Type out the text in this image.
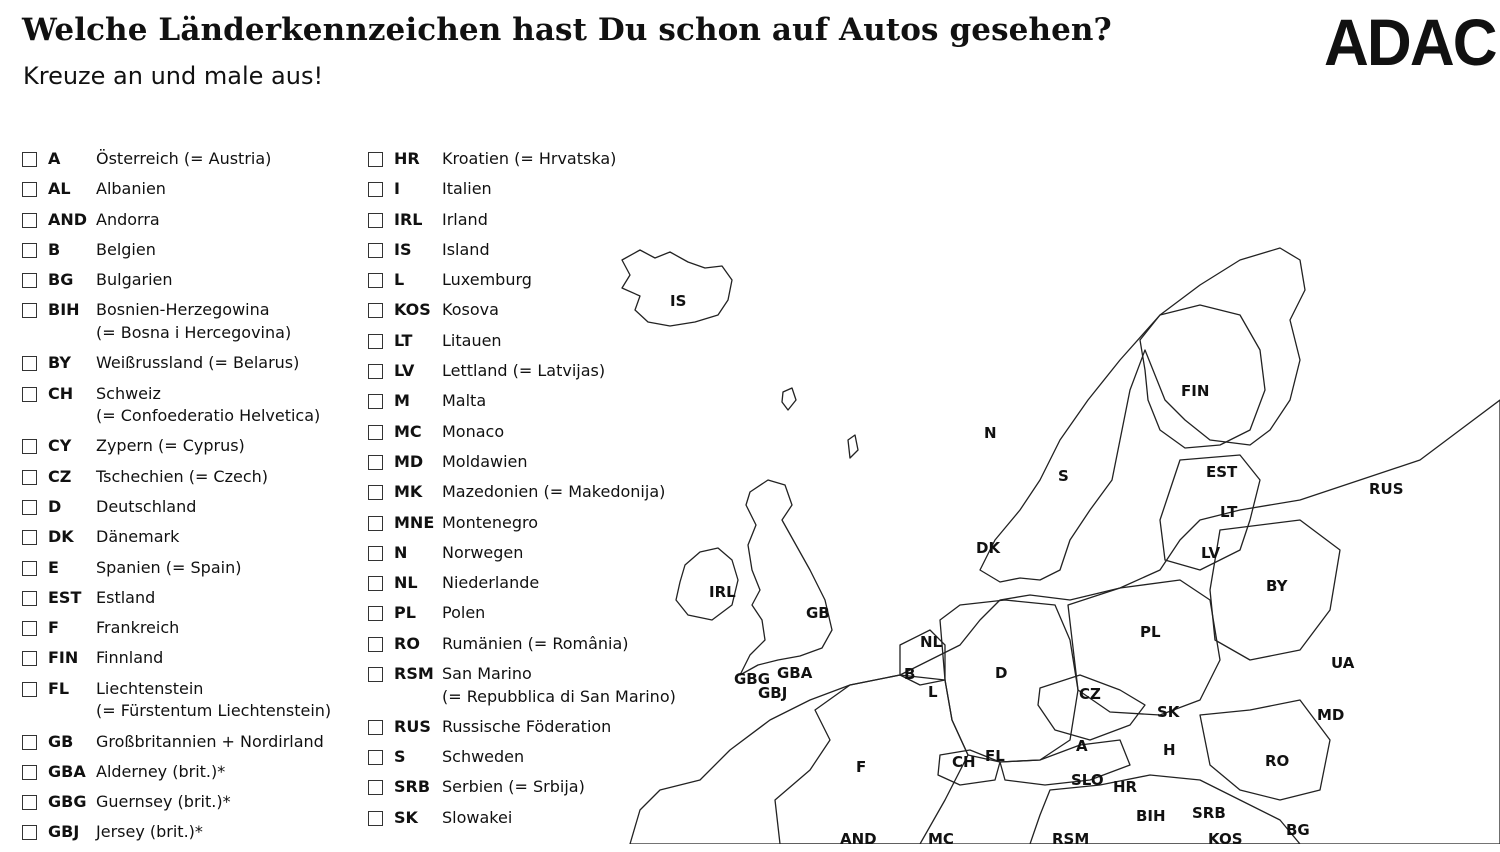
Welche Länderkennzeichen hast Du schon auf Autos gesehen?
Kreuze an und male aus!	ADAC
A	Österreich (= Austria)
AL	Albanien
AND Andorra
B	Belgien
BG	Bulgarien
BIH	Bosnien-Herzegowina
(= Bosna i Hercegovina)
BY	Weißrussland (= Belarus)
CH	Schweiz
(= Confoederatio Helvetica)
CY	Zypern (= Cyprus)
CZ	Tschechien (= Czech)
D	Deutschland
DK	Dänemark
E	Spanien (= Spain)
EST Estland
F	Frankreich
FIN	Finnland
FL	Liechtenstein
(= Fürstentum Liechtenstein)
GB	Großbritannien + Nordirland
GBA Alderney (brit.)*
GBG Guernsey (brit.)*
GBJ	Jersey (brit.)*
HR	Kroatien (= Hrvatska)
I	Italien
IRL	Irland
IS	Island
L	Luxemburg
KOS Kosova
LT	Litauen
LV	Lettland (= Latvijas)
M	Malta
MC	Monaco
MD	Moldawien
MK	Mazedonien (= Makedonija)
MNE Montenegro
N	Norwegen
NL	Niederlande
PL	Polen
RO	Rumänien (= România)
RSM San Marino
(= Repubblica di San Marino)
RUS Russische Föderation
S	Schweden
SRB Serbien (= Srbija)
SK	Slowakei
IS
N
FIN
S	EST
RUS
LT
DK	LV
IRL
GB
BY
PL
NL
UA
GBG GBA
GBJ
B
L
D
CZ
SK	MD
F
A
CH FL	H
RO
SLO HR
BIH SRB
BG
RSM	KOS
MC
AND
